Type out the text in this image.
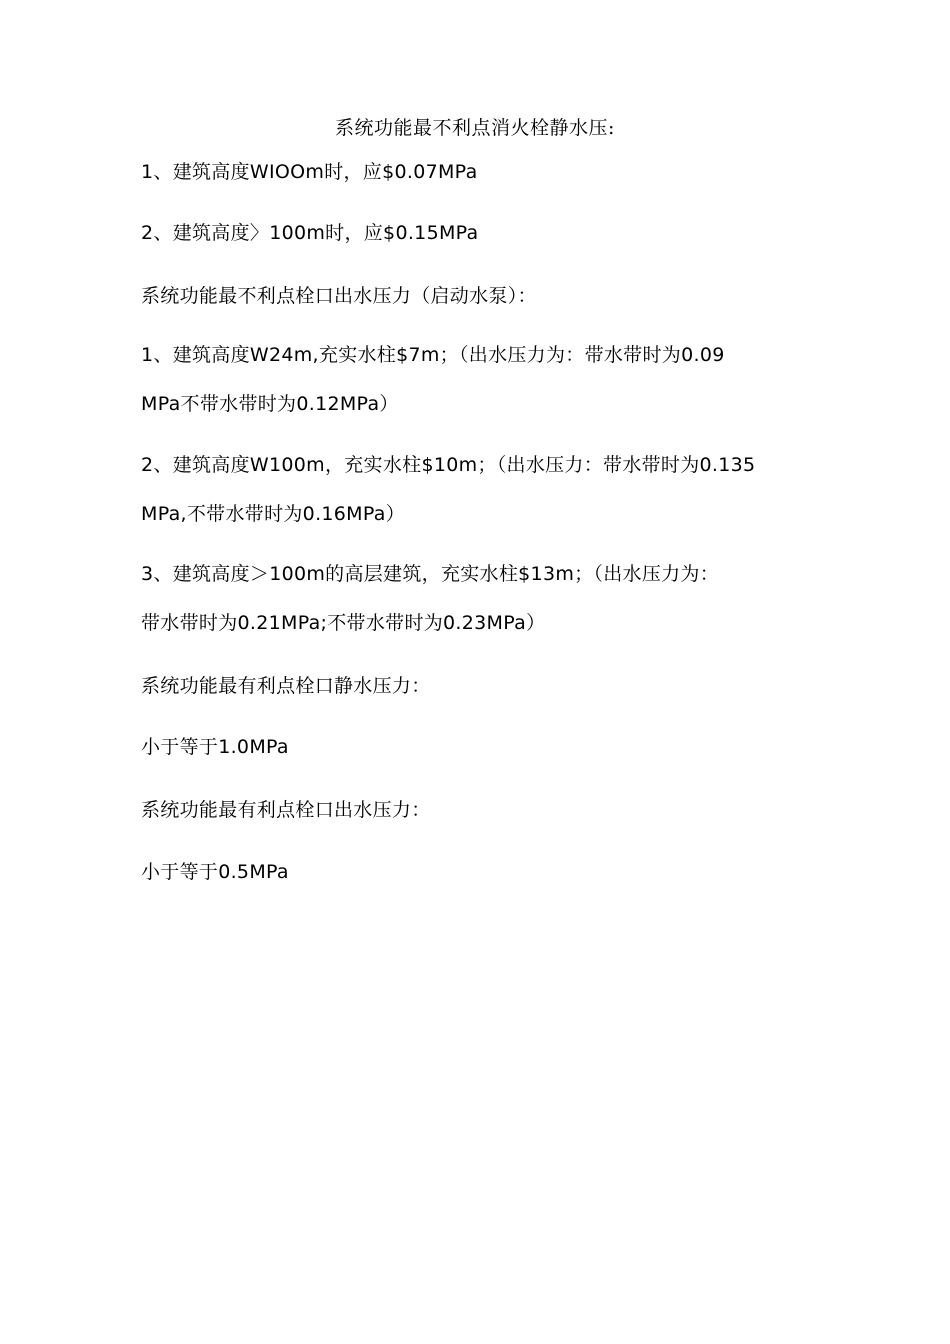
系统功能最不利点消火栓静水压:
1、建筑高度WIOOm时，应$0.07MPa
2、建筑高度〉100m时，应$0.15MPa
系统功能最不利点栓口出水压力（启动水泵）：
1、建筑高度W24m,充实水柱$7m；（出水压力为：带水带时为0.09
MPa不带水带时为0.12MPa）
2、建筑高度W100m，充实水柱$10m；（出水压力：带水带时为0.135
MPa,不带水带时为0.16MPa）
3、建筑高度＞100m的高层建筑，充实水柱$13m；（出水压力为：
带水带时为0.21MPa;不带水带时为0.23MPa）
系统功能最有利点栓口静水压力：
小于等于1.0MPa
系统功能最有利点栓口出水压力：
小于等于0.5MPa
